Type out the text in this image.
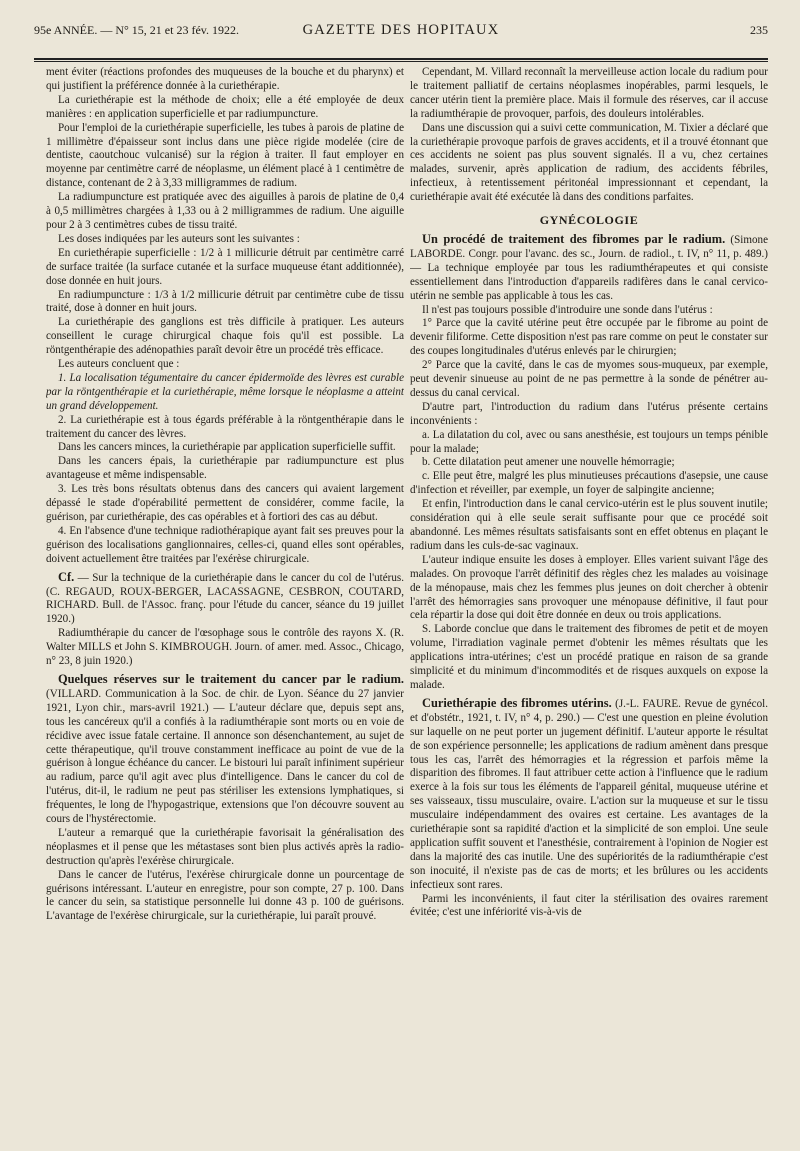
95e ANNÉE. — N° 15, 21 et 23 fév. 1922.	GAZETTE DES HOPITAUX	235

ment éviter (réactions profondes des muqueuses de la bouche et du pharynx) et qui justifient la préférence donnée à la curiethérapie.

La curiethérapie est la méthode de choix; elle a été employée de deux manières : en application superficielle et par radiumpuncture.

Pour l'emploi de la curiethérapie superficielle, les tubes à parois de platine de 1 millimètre d'épaisseur sont inclus dans une pièce rigide modelée (cire de dentiste, caoutchouc vulcanisé) sur la région à traiter. Il faut employer en moyenne par centimètre carré de néoplasme, un élément placé à 1 centimètre de distance, contenant de 2 à 3,33 milligrammes de radium.

La radiumpuncture est pratiquée avec des aiguilles à parois de platine de 0,4 à 0,5 millimètres chargées à 1,33 ou à 2 milligrammes de radium. Une aiguille pour 2 à 3 centimètres cubes de tissu traité.

Les doses indiquées par les auteurs sont les suivantes :

En curiethérapie superficielle : 1/2 à 1 millicurie détruit par centimètre carré de surface traitée (la surface cutanée et la surface muqueuse étant additionnée), dose donnée en huit jours.

En radiumpuncture : 1/3 à 1/2 millicurie détruit par centimètre cube de tissu traité, dose à donner en huit jours.

La curiethérapie des ganglions est très difficile à pratiquer. Les auteurs conseillent le curage chirurgical chaque fois qu'il est possible. La röntgenthérapie des adénopathies paraît devoir être un procédé très efficace.

Les auteurs concluent que :

1. La localisation tégumentaire du cancer épidermoïde des lèvres est curable par la röntgenthérapie et la curiethérapie, même lorsque le néoplasme a atteint un grand développement.

2. La curiethérapie est à tous égards préférable à la röntgenthérapie dans le traitement du cancer des lèvres.

Dans les cancers minces, la curiethérapie par application superficielle suffit.

Dans les cancers épais, la curiethérapie par radiumpuncture est plus avantageuse et même indispensable.

3. Les très bons résultats obtenus dans des cancers qui avaient largement dépassé le stade d'opérabilité permettent de considérer, comme facile, la guérison, par curiethérapie, des cas opérables et à fortiori des cas au début.

4. En l'absence d'une technique radiothérapique ayant fait ses preuves pour la guérison des localisations ganglionnaires, celles-ci, quand elles sont opérables, doivent actuellement être traitées par l'exérèse chirurgicale.

Cf. — Sur la technique de la curiethérapie dans le cancer du col de l'utérus. (C. REGAUD, ROUX-BERGER, LACASSAGNE, CESBRON, COUTARD, RICHARD. Bull. de l'Assoc. franç. pour l'étude du cancer, séance du 19 juillet 1920.)

Radiumthérapie du cancer de l'œsophage sous le contrôle des rayons X. (R. Walter MILLS et John S. KIMBROUGH. Journ. of amer. med. Assoc., Chicago, n° 23, 8 juin 1920.)

Quelques réserves sur le traitement du cancer par le radium. (VILLARD. Communication à la Soc. de chir. de Lyon. Séance du 27 janvier 1921, Lyon chir., mars-avril 1921.) — L'auteur déclare que, depuis sept ans, tous les cancéreux qu'il a confiés à la radiumthérapie sont morts ou en voie de récidive avec issue fatale certaine. Il annonce son désenchantement, au sujet de cette thérapeutique, qu'il trouve constamment inefficace au point de vue de la guérison à longue échéance du cancer. Le bistouri lui paraît infiniment supérieur au radium, parce qu'il agit avec plus d'intelligence. Dans le cancer du col de l'utérus, dit-il, le radium ne peut pas stériliser les extensions lymphatiques, si fréquentes, le long de l'hypogastrique, extensions que l'on découvre souvent au cours de l'hystérectomie.

L'auteur a remarqué que la curiethérapie favorisait la généralisation des néoplasmes et il pense que les métastases sont bien plus activés après la radio-destruction qu'après l'exérèse chirurgicale.

Dans le cancer de l'utérus, l'exérèse chirurgicale donne un pourcentage de guérisons intéressant. L'auteur en enregistre, pour son compte, 27 p. 100. Dans le cancer du sein, sa statistique personnelle lui donne 43 p. 100 de guérisons. L'avantage de l'exérèse chirurgicale, sur la curiethérapie, lui paraît prouvé.

Cependant, M. Villard reconnaît la merveilleuse action locale du radium pour le traitement palliatif de certains néoplasmes inopérables, parmi lesquels, le cancer utérin tient la première place. Mais il formule des réserves, car il accuse la radiumthérapie de provoquer, parfois, des douleurs intolérables.

Dans une discussion qui a suivi cette communication, M. Tixier a déclaré que la curiethérapie provoque parfois de graves accidents, et il a trouvé étonnant que ces accidents ne soient pas plus souvent signalés. Il a vu, chez certaines malades, survenir, après application de radium, des accidents fébriles, infectieux, à retentissement péritonéal impressionnant et cependant, la curiethérapie avait été exécutée là dans des conditions parfaites.

GYNÉCOLOGIE

Un procédé de traitement des fibromes par le radium. (Simone LABORDE. Congr. pour l'avanc. des sc., Journ. de radiol., t. IV, n° 11, p. 489.) — La technique employée par tous les radiumthérapeutes et qui consiste essentiellement dans l'introduction d'appareils radifères dans le canal cervico-utérin ne semble pas applicable à tous les cas.

Il n'est pas toujours possible d'introduire une sonde dans l'utérus :

1° Parce que la cavité utérine peut être occupée par le fibrome au point de devenir filiforme. Cette disposition n'est pas rare comme on peut le constater sur des coupes longitudinales d'utérus enlevés par le chirurgien;

2° Parce que la cavité, dans le cas de myomes sous-muqueux, par exemple, peut devenir sinueuse au point de ne pas permettre à la sonde de pénétrer au-dessus du canal cervical.

D'autre part, l'introduction du radium dans l'utérus présente certains inconvénients :

a. La dilatation du col, avec ou sans anesthésie, est toujours un temps pénible pour la malade;

b. Cette dilatation peut amener une nouvelle hémorragie;

c. Elle peut être, malgré les plus minutieuses précautions d'asepsie, une cause d'infection et réveiller, par exemple, un foyer de salpingite ancienne;

Et enfin, l'introduction dans le canal cervico-utérin est le plus souvent inutile; considération qui à elle seule serait suffisante pour que ce procédé soit abandonné. Les mêmes résultats satisfaisants sont en effet obtenus en plaçant le radium dans les culs-de-sac vaginaux.

L'auteur indique ensuite les doses à employer. Elles varient suivant l'âge des malades. On provoque l'arrêt définitif des règles chez les malades au voisinage de la ménopause, mais chez les femmes plus jeunes on doit chercher à obtenir l'arrêt des hémorragies sans provoquer une ménopause définitive, il faut pour cela répartir la dose qui doit être donnée en deux ou trois applications.

S. Laborde conclue que dans le traitement des fibromes de petit et de moyen volume, l'irradiation vaginale permet d'obtenir les mêmes résultats que les applications intra-utérines; c'est un procédé pratique en raison de sa grande simplicité et du minimum d'incommodités et de risques auxquels on expose la malade.

Curiethérapie des fibromes utérins. (J.-L. FAURE. Revue de gynécol. et d'obstétr., 1921, t. IV, n° 4, p. 290.) — C'est une question en pleine évolution sur laquelle on ne peut porter un jugement définitif. L'auteur apporte le résultat de son expérience personnelle; les applications de radium amènent dans presque tous les cas, l'arrêt des hémorragies et la régression et parfois même la disparition des fibromes. Il faut attribuer cette action à l'influence que le radium exerce à la fois sur tous les éléments de l'appareil génital, muqueuse utérine et ses vaisseaux, tissu musculaire, ovaire. L'action sur la muqueuse et sur le tissu musculaire indépendamment des ovaires est certaine. Les avantages de la curiethérapie sont sa rapidité d'action et la simplicité de son emploi. Une seule application suffit souvent et l'anesthésie, contrairement à l'opinion de Nogier est dans la majorité des cas inutile. Une des supériorités de la radiumthérapie c'est son inocuité, il n'existe pas de cas de morts; et les brûlures ou les accidents infectieux sont rares.

Parmi les inconvénients, il faut citer la stérilisation des ovaires rarement évitée; c'est une infériorité vis-à-vis de
